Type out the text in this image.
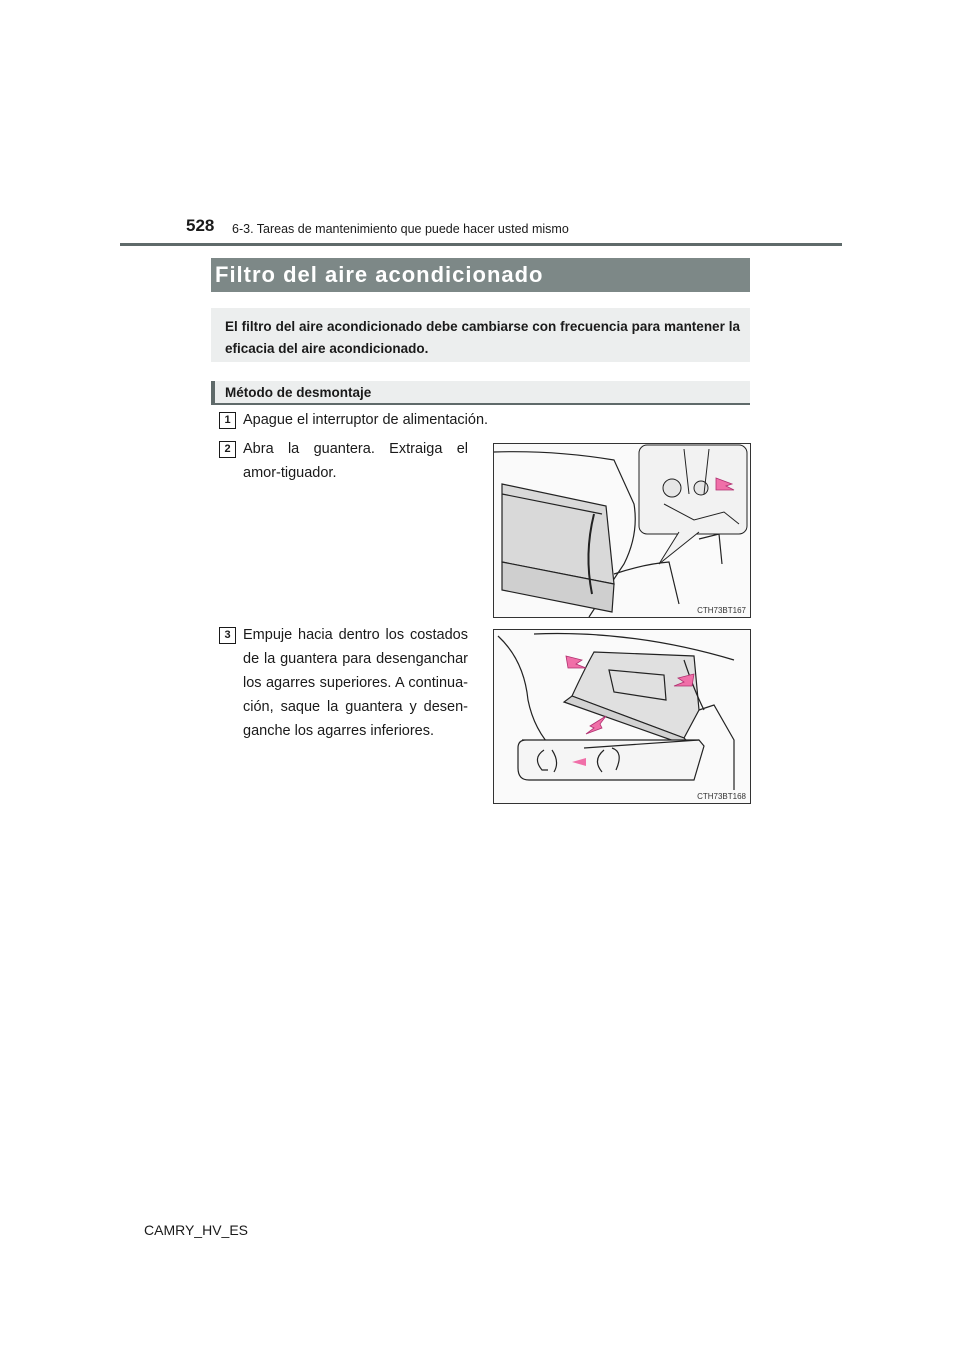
528 6-3. Tareas de mantenimiento que puede hacer usted mismo
Filtro del aire acondicionado
El filtro del aire acondicionado debe cambiarse con frecuencia para mantener la eficacia del aire acondicionado.
Método de desmontaje
1 Apague el interruptor de alimentación.
2 Abra la guantera. Extraiga el amor-tiguador.
3 Empuje hacia dentro los costados de la guantera para desenganchar los agarres superiores. A continua-ción, saque la guantera y desen-ganche los agarres inferiores.
CTH73BT167
CTH73BT168
CAMRY_HV_ES
